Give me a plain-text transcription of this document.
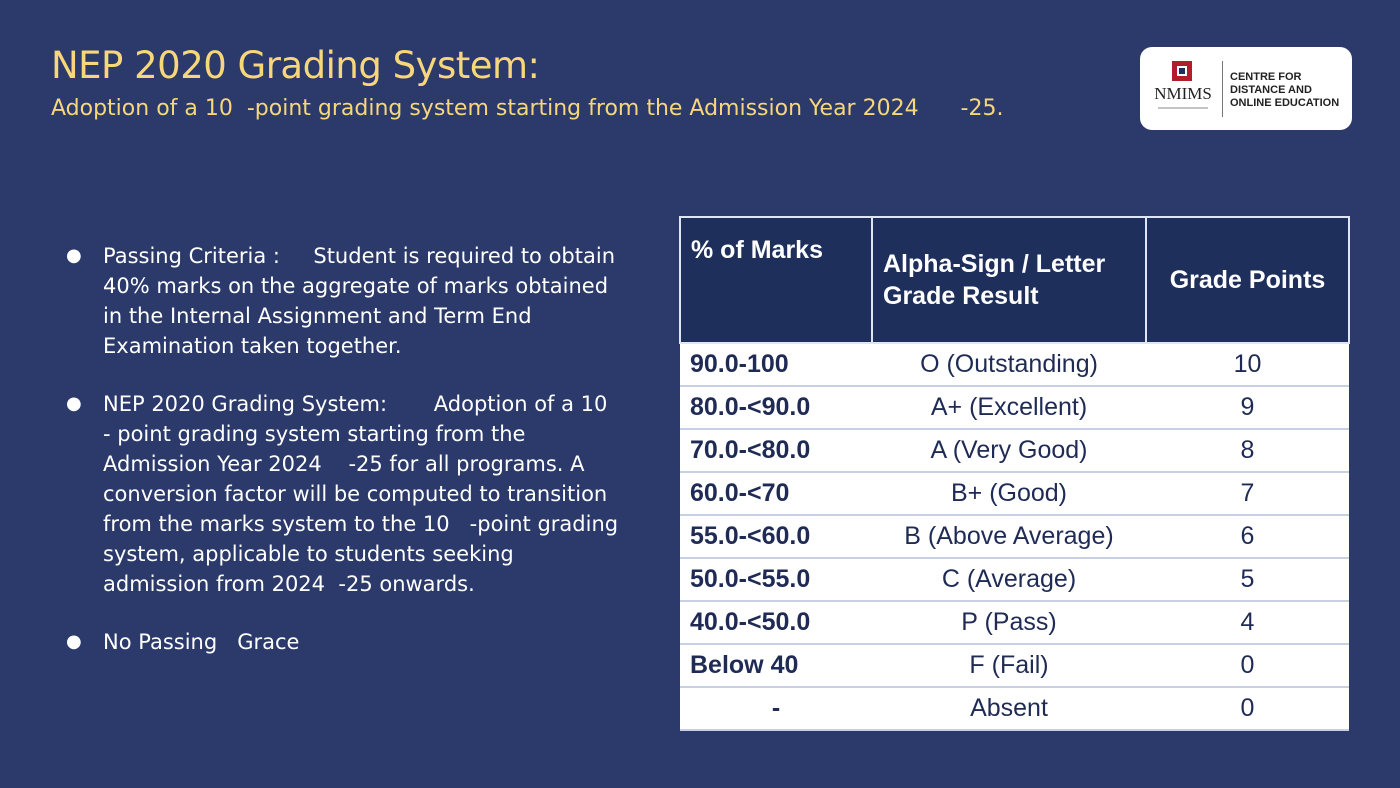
NEP 2020 Grading System:
Adoption of a 10  -point grading system starting from the Admission Year 2024      -25.
NMIMS
CENTRE FOR DISTANCE AND ONLINE EDUCATION
● Passing Criteria :     Student is required to obtain 40% marks on the aggregate of marks obtained in the Internal Assignment and Term End Examination taken together.
● NEP 2020 Grading System:       Adoption of a 10  - point grading system starting from the Admission Year 2024    -25 for all programs. A conversion factor will be computed to transition from the marks system to the 10   -point grading system, applicable to students seeking admission from 2024  -25 onwards.
● No Passing   Grace
% of Marks	Alpha-Sign / Letter Grade Result	Grade Points
90.0-100	O (Outstanding)	10
80.0-<90.0	A+ (Excellent)	9
70.0-<80.0	A (Very Good)	8
60.0-<70	B+ (Good)	7
55.0-<60.0	B (Above Average)	6
50.0-<55.0	C (Average)	5
40.0-<50.0	P (Pass)	4
Below 40	F (Fail)	0
-	Absent	0
